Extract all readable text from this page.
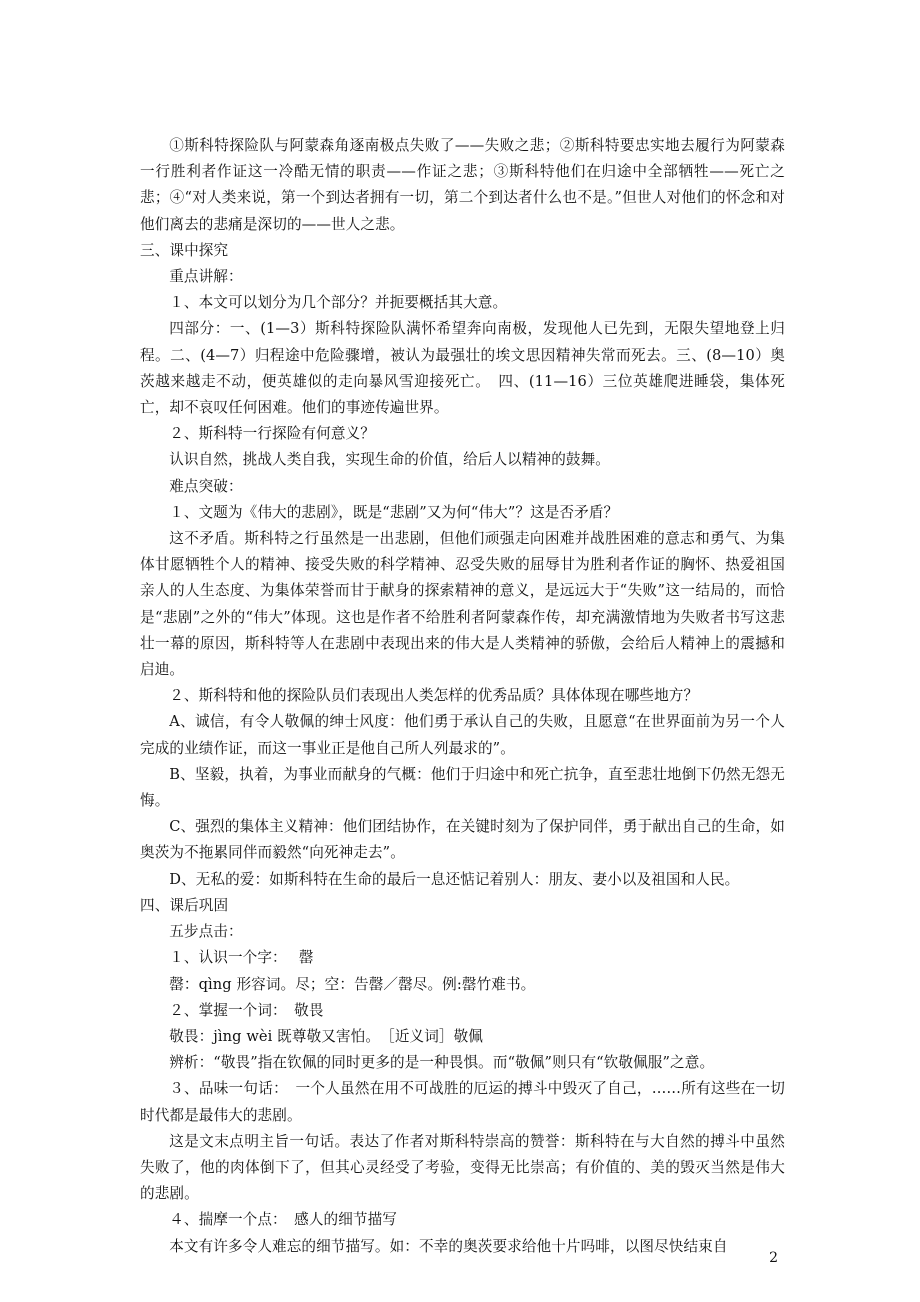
①斯科特探险队与阿蒙森角逐南极点失败了——失败之悲；②斯科特要忠实地去履行为阿蒙森一行胜利者作证这一冷酷无情的职责——作证之悲；③斯科特他们在归途中全部牺牲——死亡之悲；④“对人类来说，第一个到达者拥有一切，第二个到达者什么也不是。”但世人对他们的怀念和对他们离去的悲痛是深切的——世人之悲。

三、课中探究

重点讲解：

１、本文可以划分为几个部分？并扼要概括其大意。

四部分：一、(1—3）斯科特探险队满怀希望奔向南极，发现他人已先到，无限失望地登上归程。二、(4—7）归程途中危险骤增，被认为最强壮的埃文思因精神失常而死去。三、(8—10）奥茨越来越走不动，便英雄似的走向暴风雪迎接死亡。　四、(11—16）三位英雄爬进睡袋，集体死亡，却不哀叹任何困难。他们的事迹传遍世界。

２、斯科特一行探险有何意义？

认识自然，挑战人类自我，实现生命的价值，给后人以精神的鼓舞。

难点突破：

１、文题为《伟大的悲剧》，既是“悲剧”又为何“伟大”？这是否矛盾？

这不矛盾。斯科特之行虽然是一出悲剧，但他们顽强走向困难并战胜困难的意志和勇气、为集体甘愿牺牲个人的精神、接受失败的科学精神、忍受失败的屈辱甘为胜利者作证的胸怀、热爱祖国亲人的人生态度、为集体荣誉而甘于献身的探索精神的意义，是远远大于“失败”这一结局的，而恰是“悲剧”之外的“伟大”体现。这也是作者不给胜利者阿蒙森作传，却充满激情地为失败者书写这悲壮一幕的原因，斯科特等人在悲剧中表现出来的伟大是人类精神的骄傲，会给后人精神上的震撼和启迪。

２、斯科特和他的探险队员们表现出人类怎样的优秀品质？具体体现在哪些地方？

A、诚信，有令人敬佩的绅士风度：他们勇于承认自己的失败，且愿意“在世界面前为另一个人完成的业绩作证，而这一事业正是他自己所人列最求的”。

B、坚毅，执着，为事业而献身的气概：他们于归途中和死亡抗争，直至悲壮地倒下仍然无怨无悔。

C、强烈的集体主义精神：他们团结协作，在关键时刻为了保护同伴，勇于献出自己的生命，如奥茨为不拖累同伴而毅然“向死神走去”。

D、无私的爱：如斯科特在生命的最后一息还惦记着别人：朋友、妻小以及祖国和人民。

四、课后巩固

五步点击：

１、认识一个字：　 罄

罄：qìng 形容词。尽；空：告罄／罄尽。例:罄竹难书。

２、掌握一个词：　敬畏

敬畏：jìng wèi 既尊敬又害怕。　［近义词］敬佩

辨析：“敬畏”指在钦佩的同时更多的是一种畏惧。而“敬佩”则只有“钦敬佩服”之意。

３、品味一句话：　一个人虽然在用不可战胜的厄运的搏斗中毁灭了自己，……所有这些在一切时代都是最伟大的悲剧。

这是文末点明主旨一句话。表达了作者对斯科特崇高的赞誉：斯科特在与大自然的搏斗中虽然失败了，他的肉体倒下了，但其心灵经受了考验，变得无比崇高；有价值的、美的毁灭当然是伟大的悲剧。

４、揣摩一个点：　感人的细节描写

本文有许多令人难忘的细节描写。如：不幸的奥茨要求给他十片吗啡，以图尽快结束自

2
